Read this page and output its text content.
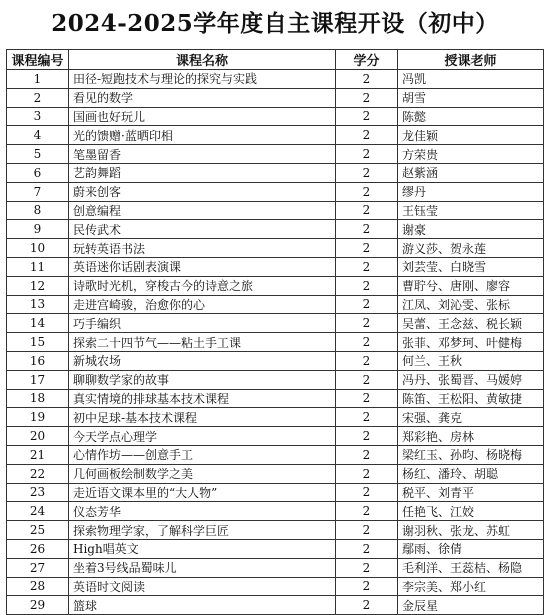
2024-2025学年度自主课程开设（初中）
课程编号	课程名称	学分	授课老师
1	田径-短跑技术与理论的探究与实践	2	冯凯
2	看见的数学	2	胡雪
3	国画也好玩儿	2	陈懿
4	光的馈赠·蓝晒印相	2	龙佳颖
5	笔墨留香	2	方荣贵
6	艺韵舞蹈	2	赵紫涵
7	蔚来创客	2	缪丹
8	创意编程	2	王钰莹
9	民传武术	2	谢豪
10	玩转英语书法	2	游义莎、贺永莲
11	英语迷你话剧表演课	2	刘芸莹、白晓雪
12	诗歌时光机，穿梭古今的诗意之旅	2	曹聍兮、唐刚、廖容
13	走进宫崎骏，治愈你的心	2	江凤、刘沁雯、张标
14	巧手编织	2	吴蕾、王念兹、税长颖
15	探索二十四节气——粘土手工课	2	张菲、邓梦珂、叶健梅
16	新城农场	2	何兰、王秋
17	聊聊数学家的故事	2	冯丹、张蜀晋、马媛婷
18	真实情境的排球基本技术课程	2	陈笛、王松阳、黄敏捷
19	初中足球-基本技术课程	2	宋强、龚克
20	今天学点心理学	2	郑彩艳、房林
21	心情作坊——创意手工	2	梁红玉、孙昀、杨晓梅
22	几何画板绘制数学之美	2	杨红、潘玲、胡聪
23	走近语文课本里的“大人物”	2	税平、刘青平
24	仪态芳华	2	任艳飞、江姣
25	探索物理学家，了解科学巨匠	2	谢羽秋、张龙、苏虹
26	High唱英文	2	鄢雨、徐倩
27	坐着3号线品蜀味儿	2	毛利洋、王蕊桔、杨隐
28	英语时文阅读	2	李宗美、郑小红
29	篮球	2	金辰星
